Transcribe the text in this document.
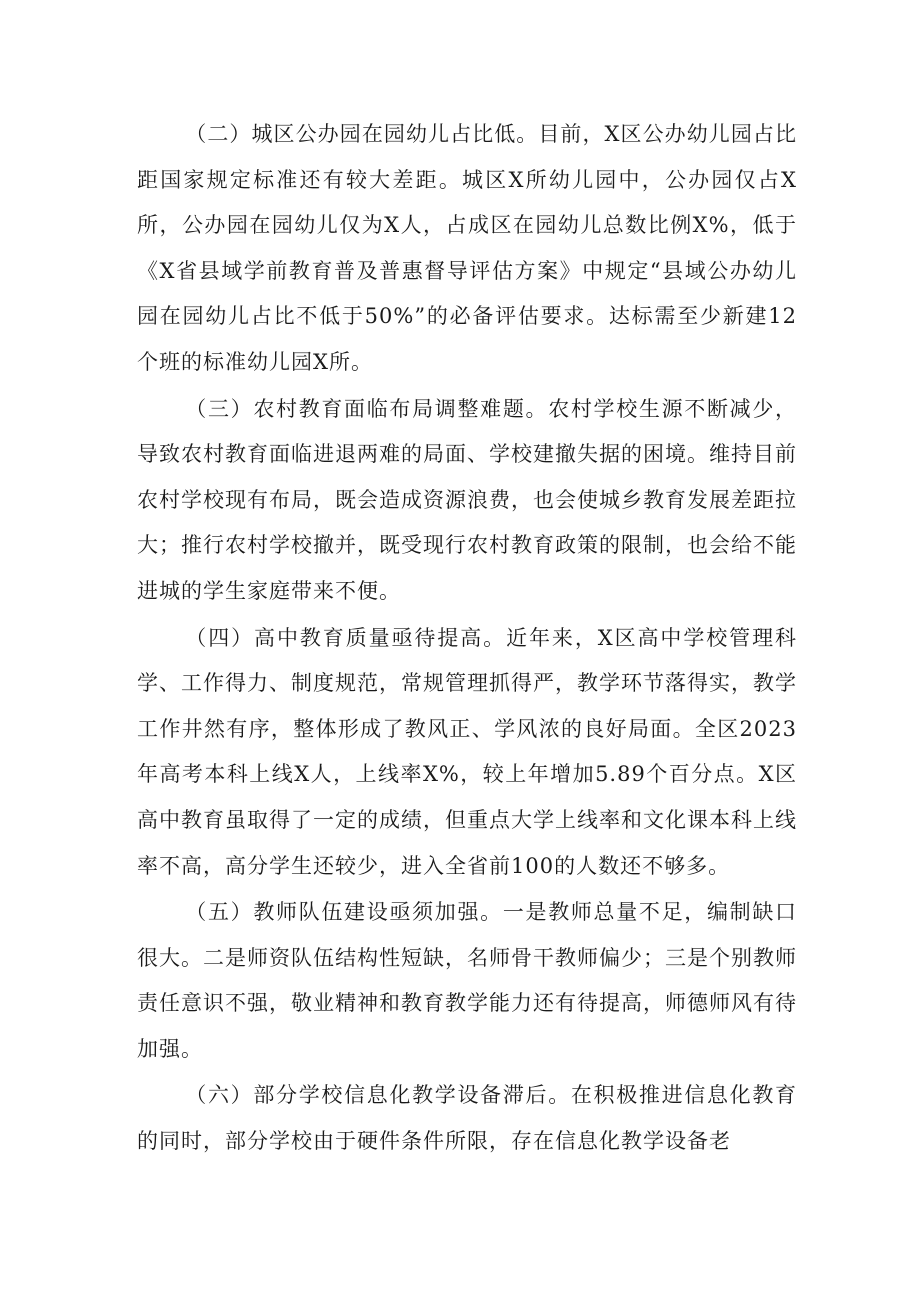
（二）城区公办园在园幼儿占比低。目前，X区公办幼儿园占比距国家规定标准还有较大差距。城区X所幼儿园中，公办园仅占X所，公办园在园幼儿仅为X人，占成区在园幼儿总数比例X%，低于《X省县域学前教育普及普惠督导评估方案》中规定“县域公办幼儿园在园幼儿占比不低于50%”的必备评估要求。达标需至少新建12个班的标准幼儿园X所。

（三）农村教育面临布局调整难题。农村学校生源不断减少，导致农村教育面临进退两难的局面、学校建撤失据的困境。维持目前农村学校现有布局，既会造成资源浪费，也会使城乡教育发展差距拉大；推行农村学校撤并，既受现行农村教育政策的限制，也会给不能进城的学生家庭带来不便。

（四）高中教育质量亟待提高。近年来，X区高中学校管理科学、工作得力、制度规范，常规管理抓得严，教学环节落得实，教学工作井然有序，整体形成了教风正、学风浓的良好局面。全区2023年高考本科上线X人，上线率X%，较上年增加5.89个百分点。X区高中教育虽取得了一定的成绩，但重点大学上线率和文化课本科上线率不高，高分学生还较少，进入全省前100的人数还不够多。

（五）教师队伍建设亟须加强。一是教师总量不足，编制缺口很大。二是师资队伍结构性短缺，名师骨干教师偏少；三是个别教师责任意识不强，敬业精神和教育教学能力还有待提高，师德师风有待加强。

（六）部分学校信息化教学设备滞后。在积极推进信息化教育的同时，部分学校由于硬件条件所限，存在信息化教学设备老
